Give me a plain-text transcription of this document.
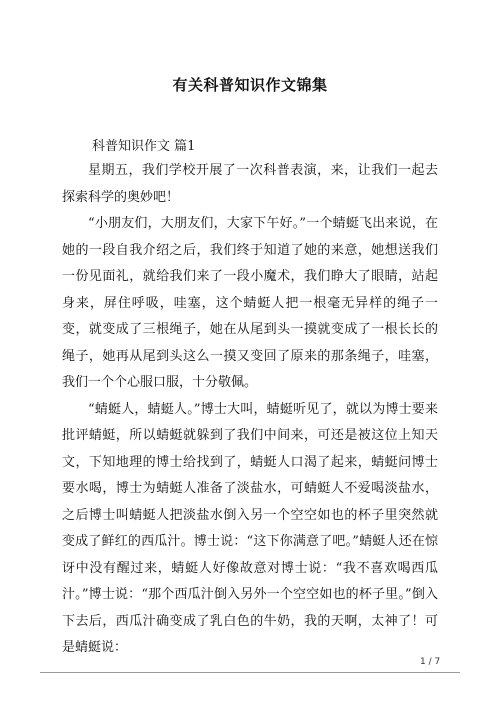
有关科普知识作文锦集
科普知识作文 篇1

星期五，我们学校开展了一次科普表演，来，让我们一起去探索科学的奥妙吧！

“小朋友们，大朋友们，大家下午好。”一个蜻蜓飞出来说，在她的一段自我介绍之后，我们终于知道了她的来意，她想送我们一份见面礼，就给我们来了一段小魔术，我们睁大了眼睛，站起身来，屏住呼吸，哇塞，这个蜻蜓人把一根毫无异样的绳子一变，就变成了三根绳子，她在从尾到头一摸就变成了一根长长的绳子，她再从尾到头这么一摸又变回了原来的那条绳子，哇塞，我们一个个心服口服，十分敬佩。

“蜻蜓人，蜻蜓人。”博士大叫，蜻蜓听见了，就以为博士要来批评蜻蜓，所以蜻蜓就躲到了我们中间来，可还是被这位上知天文，下知地理的博士给找到了，蜻蜓人口渴了起来，蜻蜓问博士要水喝，博士为蜻蜓人准备了淡盐水，可蜻蜓人不爱喝淡盐水，之后博士叫蜻蜓人把淡盐水倒入另一个空空如也的杯子里突然就变成了鲜红的西瓜汁。博士说：“这下你满意了吧。”蜻蜓人还在惊讶中没有醒过来，蜻蜓人好像故意对博士说：“我不喜欢喝西瓜汁。”博士说：“那个西瓜汁倒入另外一个空空如也的杯子里。”倒入下去后，西瓜汁确变成了乳白色的牛奶，我的天啊，太神了！可是蜻蜓说：

1 / 7
